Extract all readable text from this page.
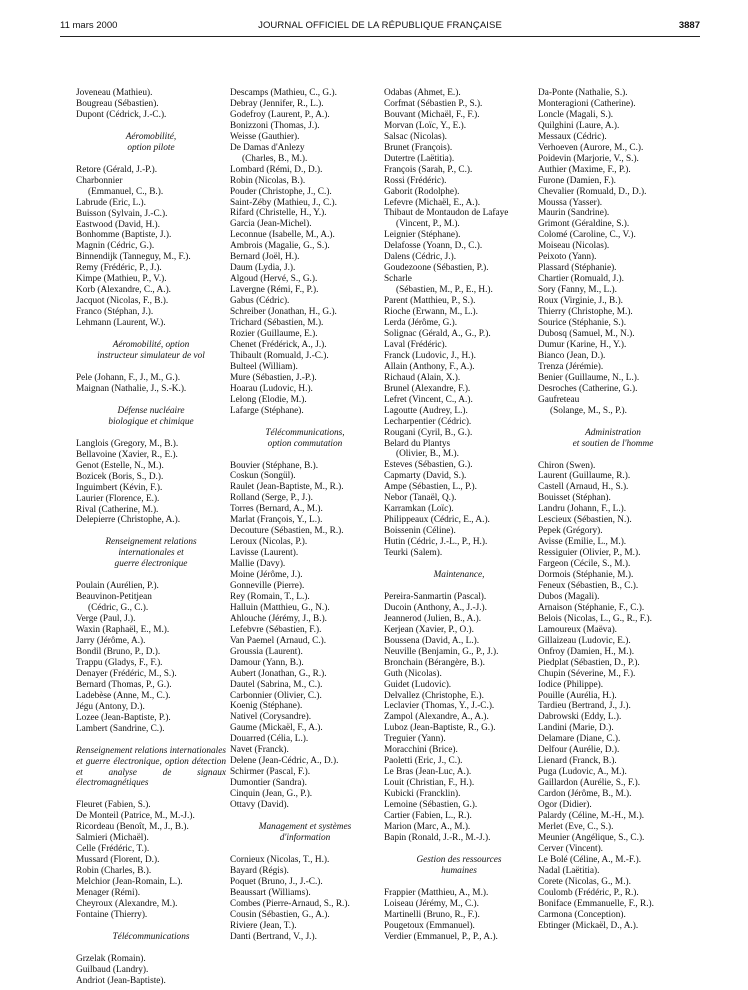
11 mars 2000	JOURNAL OFFICIEL DE LA RÉPUBLIQUE FRANÇAISE	3887
Joveneau (Mathieu).
Bougreau (Sébastien).
Dupont (Cédrick, J.-C.).
Aéromobilité,
option pilote
Retore (Gérald, J.-P.).
Charbonnier
(Emmanuel, C., B.).
Labrude (Eric, L.).
Buisson (Sylvain, J.-C.).
Eastwood (David, H.).
Bonhomme (Baptiste, J.).
Magnin (Cédric, G.).
Binnendijk (Tanneguy, M., F.).
Remy (Frédéric, P., J.).
Kimpe (Mathieu, P., V.).
Korb (Alexandre, C., A.).
Jacquot (Nicolas, F., B.).
Franco (Stéphan, J.).
Lehmann (Laurent, W.).
Aéromobilité, option
instructeur simulateur de vol
Pele (Johann, F., J., M., G.).
Maignan (Nathalie, J., S.-K.).
Défense nucléaire
biologique et chimique
Langlois (Gregory, M., B.).
Bellavoine (Xavier, R., E.).
Genot (Estelle, N., M.).
Bozicek (Boris, S., D.).
Inguimbert (Kévin, F.).
Laurier (Florence, E.).
Rival (Catherine, M.).
Delepierre (Christophe, A.).
Renseignement relations
internationales et
guerre électronique
Poulain (Aurélien, P.).
Beauvinon-Petitjean
(Cédric, G., C.).
Verge (Paul, J.).
Waxin (Raphaël, E., M.).
Jarry (Jérôme, A.).
Bondil (Bruno, P., D.).
Trappu (Gladys, F., F.).
Denayer (Frédéric, M., S.).
Bernard (Thomas, P., G.).
Ladebèse (Anne, M., C.).
Jégu (Antony, D.).
Lozee (Jean-Baptiste, P.).
Lambert (Sandrine, C.).
Renseignement relations internationales et guerre électronique, option détection et analyse de signaux électromagnétiques
Fleuret (Fabien, S.).
De Monteil (Patrice, M., M.-J.).
Ricordeau (Benoît, M., J., B.).
Salmieri (Michaël).
Celle (Frédéric, T.).
Mussard (Florent, D.).
Robin (Charles, B.).
Melchior (Jean-Romain, L.).
Menager (Rémi).
Cheyroux (Alexandre, M.).
Fontaine (Thierry).
Télécommunications
Grzelak (Romain).
Guilbaud (Landry).
Andriot (Jean-Baptiste).
Descamps (Mathieu, C., G.).
Debray (Jennifer, R., L.).
Godefroy (Laurent, P., A.).
Bonizzoni (Thomas, J.).
Weisse (Gauthier).
De Damas d'Anlezy
(Charles, B., M.).
Lombard (Rémi, D., D.).
Robin (Nicolas, B.).
Pouder (Christophe, J., C.).
Saint-Zéby (Mathieu, J., C.).
Rifard (Christelle, H., Y.).
Garcia (Jean-Michel).
Leconnue (Isabelle, M., A.).
Ambrois (Magalie, G., S.).
Bernard (Joël, H.).
Daum (Lydia, J.).
Algoud (Hervé, S., G.).
Lavergne (Rémi, F., P.).
Gabus (Cédric).
Schreiber (Jonathan, H., G.).
Trichard (Sébastien, M.).
Rozier (Guillaume, E.).
Chenet (Frédérick, A., J.).
Thibault (Romuald, J.-C.).
Bulteel (William).
Mure (Sébastien, J.-P.).
Hoarau (Ludovic, H.).
Lelong (Elodie, M.).
Lafarge (Stéphane).
Télécommunications,
option commutation
Bouvier (Stéphane, B.).
Coskun (Songül).
Raulet (Jean-Baptiste, M., R.).
Rolland (Serge, P., J.).
Torres (Bernard, A., M.).
Marlat (François, Y., L.).
Decouture (Sébastien, M., R.).
Leroux (Nicolas, P.).
Lavisse (Laurent).
Mallie (Davy).
Moine (Jérôme, J.).
Gonneville (Pierre).
Rey (Romain, T., L.).
Halluin (Matthieu, G., N.).
Ahlouche (Jérémy, J., B.).
Lefebvre (Sébastien, F.).
Van Paemel (Arnaud, C.).
Groussia (Laurent).
Damour (Yann, B.).
Aubert (Jonathan, G., R.).
Dautel (Sabrina, M., C.).
Carbonnier (Olivier, C.).
Koenig (Stéphane).
Nativel (Corysandre).
Gaume (Mickaël, F., A.).
Douarred (Célia, L.).
Navet (Franck).
Delene (Jean-Cédric, A., D.).
Schirmer (Pascal, F.).
Dumontier (Sandra).
Cinquin (Jean, G., P.).
Ottavy (David).
Management et systèmes
d'information
Cornieux (Nicolas, T., H.).
Bayard (Régis).
Poquet (Bruno, J., J.-C.).
Beaussart (Williams).
Combes (Pierre-Arnaud, S., R.).
Cousin (Sébastien, G., A.).
Riviere (Jean, T.).
Danti (Bertrand, V., J.).
Odabas (Ahmet, E.).
Corfmat (Sébastien P., S.).
Bouvant (Michaël, F., F.).
Morvan (Loïc, Y., E.).
Salsac (Nicolas).
Brunet (François).
Dutertre (Laëtitia).
François (Sarah, P., C.).
Rossi (Frédéric).
Gaborit (Rodolphe).
Lefevre (Michaël, E., A.).
Thibaut de Montaudon de Lafaye
(Vincent, P., M.).
Leignier (Stéphane).
Delafosse (Yoann, D., C.).
Dalens (Cédric, J.).
Goudezoone (Sébastien, P.).
Scharle
(Sébastien, M., P., E., H.).
Parent (Matthieu, P., S.).
Rioche (Erwann, M., L.).
Lerda (Jérôme, G.).
Solignac (Gérald, A., G., P.).
Laval (Frédéric).
Franck (Ludovic, J., H.).
Allain (Anthony, F., A.).
Richaud (Alain, X.).
Brunel (Alexandre, F.).
Lefret (Vincent, C., A.).
Lagoutte (Audrey, L.).
Lecharpentier (Cédric).
Rougani (Cyril, B., G.).
Belard du Plantys
(Olivier, B., M.).
Esteves (Sébastien, G.).
Capmarty (David, S.).
Ampe (Sébastien, L., P.).
Nebor (Tanaël, Q.).
Karramkan (Loïc).
Philippeaux (Cédric, E., A.).
Boissenin (Céline).
Hutin (Cédric, J.-L., P., H.).
Teurki (Salem).
Maintenance,
Pereira-Sanmartin (Pascal).
Ducoin (Anthony, A., J.-J.).
Jeannerod (Julien, B., A.).
Kerjean (Xavier, P., O.).
Boussena (David, A., L.).
Neuville (Benjamin, G., P., J.).
Bronchain (Bérangère, B.).
Guth (Nicolas).
Guidet (Ludovic).
Delvallez (Christophe, E.).
Leclavier (Thomas, Y., J.-C.).
Zampol (Alexandre, A., A.).
Luboz (Jean-Baptiste, R., G.).
Treguier (Yann).
Moracchini (Brice).
Paoletti (Eric, J., C.).
Le Bras (Jean-Luc, A.).
Louit (Christian, F., H.).
Kubicki (Francklin).
Lemoine (Sébastien, G.).
Cartier (Fabien, L., R.).
Marion (Marc, A., M.).
Bapin (Ronald, J.-R., M.-J.).
Gestion des ressources
humaines
Frappier (Matthieu, A., M.).
Loiseau (Jérémy, M., C.).
Martinelli (Bruno, R., F.).
Pougetoux (Emmanuel).
Verdier (Emmanuel, P., P., A.).
Da-Ponte (Nathalie, S.).
Monteragioni (Catherine).
Loncle (Magali, S.).
Quilghini (Laure, A.).
Messaux (Cédric).
Verhoeven (Aurore, M., C.).
Poidevin (Marjorie, V., S.).
Authier (Maxime, F., P.).
Furone (Damien, F.).
Chevalier (Romuald, D., D.).
Moussa (Yasser).
Maurin (Sandrine).
Grimont (Géraldine, S.).
Colomé (Caroline, C., V.).
Moiseau (Nicolas).
Peixoto (Yann).
Plassard (Stéphanie).
Chartier (Romuald, J.).
Sory (Fanny, M., L.).
Roux (Virginie, J., B.).
Thierry (Christophe, M.).
Sourice (Stéphanie, S.).
Dubosq (Samuel, M., N.).
Dumur (Karine, H., Y.).
Bianco (Jean, D.).
Trenza (Jérémie).
Benier (Guillaume, N., L.).
Desroches (Catherine, G.).
Gaufreteau
(Solange, M., S., P.).
Administration
et soutien de l'homme
Chiron (Swen).
Laurent (Guillaume, R.).
Castell (Arnaud, H., S.).
Bouisset (Stéphan).
Landru (Johann, F., L.).
Lescieux (Sébastien, N.).
Pepek (Grégory).
Avisse (Emilie, L., M.).
Ressiguier (Olivier, P., M.).
Fargeon (Cécile, S., M.).
Dormois (Stéphanie, M.).
Feneux (Sébastien, B., C.).
Dubos (Magali).
Arnaison (Stéphanie, F., C.).
Belois (Nicolas, L., G., R., F.).
Lamoureux (Maëva).
Gillaizeau (Ludovic, E.).
Onfroy (Damien, H., M.).
Piedplat (Sébastien, D., P.).
Chupin (Séverine, M., F.).
Iodice (Philippe).
Pouille (Aurélia, H.).
Tardieu (Bertrand, J., J.).
Dabrowski (Eddy, L.).
Landini (Marie, D.).
Delamare (Diane, C.).
Delfour (Aurélie, D.).
Lienard (Franck, B.).
Puga (Ludovic, A., M.).
Gaillardon (Aurélie, S., F.).
Cardon (Jérôme, B., M.).
Ogor (Didier).
Palardy (Céline, M.-H., M.).
Merlet (Eve, C., S.).
Meunier (Angélique, S., C.).
Cerver (Vincent).
Le Bolé (Céline, A., M.-F.).
Nadal (Laëtitia).
Corete (Nicolas, G., M.).
Coulomb (Frédéric, P., R.).
Boniface (Emmanuelle, F., R.).
Carmona (Conception).
Ebtinger (Mickaël, D., A.).
